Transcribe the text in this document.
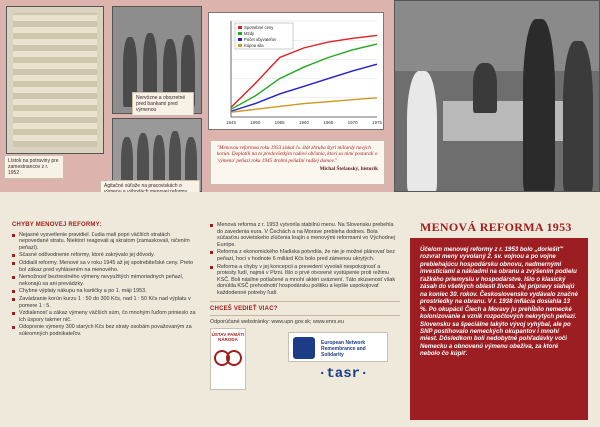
Lístok na potraviny pre zamestnancov z r. 1952
Nervózne a obozretné pred bankami pred výmenou
Agitačné súťaže na pracoviskách o
1945	1950	1955	1960	1965	1970	1975
Spotrebné ceny
Mzdy
Počet obyvateľov
Kúpna sila
"Menovou reformou roku 1953 získal čs. štát zhruba štyri miliardy nových korún. Doplatili na to predovšetkým radoví občania, ktorí sa nimi postarali o 'výmenu' peňazí roku 1945 drobní peňažní radšej domov."
Michal Štefanský, historik
CHYBY MENOVEJ REFORMY:
Nejasné vysvetlenie pravidiel. Ľudia mali popri väčších stratách nepovedané stratu. Niektorí reagovali aj skratom (zamaskovali, ničením peňazí).
Sčasné odôvodnenie reformy, ktoré zakrývalo jej dôvody.
Oddialil reformy. Menové sa v roku 1945 až jej spotrebiteľské ceny. Preto bol zákaz pred vyhlásením na menového.
Nemožnosť beztrestného výmeny nevyužitých mimoriadnych peňazí, nekonajú sa ani prevádzky.
Chybne výplaty nákupu na kartičky a po 1. máji 1953.
Zavádzanie korún kurzu 1 : 50 do 300 Kčs, nad 1 : 50 Kčs nad výplatu v pomere 1 : 5.
Vzdialenosť a zákaz výmeny väčších súm, čo mnohým ľuďom prinieslo za ich úspory takmer nič.
Odoprenie výmeny 300 starých Kčs bez straty osobám považovaným za súkromných podnikateľov.
Menová reforma z r. 1953 vytvorila stabilnú menu. Na Slovensku prebehla do zavedenia eura. V Čechách a na Morave prebieha dodnes. Bola súčasťou sovietskeho zlúčenia krajín s menovými reformami vo Východnej Európe.
Reforma z ekonomického hľadiska potvrdila, že nie je možné plánovať bez peňazí, hoci v hodnote 6 miliárd Kčs bolo pred zámenou ukrytých.
Reforma a chyby v jej koncepcii a prevedení vyvolali nespokojnosť a protesty ľudí, najmä v Plzni. Išlo o prvé otvorené vystúpenie proti režimu KSČ. Boli násilne potlačené a mnohí aktéri uväznení. Táto skúsenosť však donútila KSČ prehodnotiť hospodársku politiku a lepšie uspokojovať každodenné potreby ľudí.
CHCEŠ VEDIEŤ VIAC?
Odporúčané webstránky: www.upn.gov.sk; www.enrs.eu
ÚSTAV PAMÄTI NÁRODA
European Network Remembrance and Solidarity
·tasr·
MENOVÁ REFORMA 1953
Účelom menovej reformy z r. 1953 bolo „doriešiť" rozvrat meny vyvolaný 2. sv. vojnou a po vojne prebiehajúcu hospodársku obnovu, nadmernými investíciami a nákladmi na obranu a zvýšením podielu ťažkého priemyslu v hospodárstve. Išlo o klasický zásah do všetkých oblastí života. Jej prípravy siahajú na koniec 30. rokov. Československo vydávalo značné prostriedky na obranu. V r. 1938 inflácia dosiahla 13 %. Po okupácii Čiech a Moravy ju prehĺbilo nemecké kolonizovanie a vznik rozpočtových nekrytých peňazí. Slovensku sa špeciálne takýto vývoj vyhýbal, ale po SNP postihovalo nemeckých okupantov i mnohí miest. Dôsledkom boli nedobytné pohľadávky voči Nemecku a obnovenú výmenu obeživa, za ktoré nebolo čo kúpiť.
